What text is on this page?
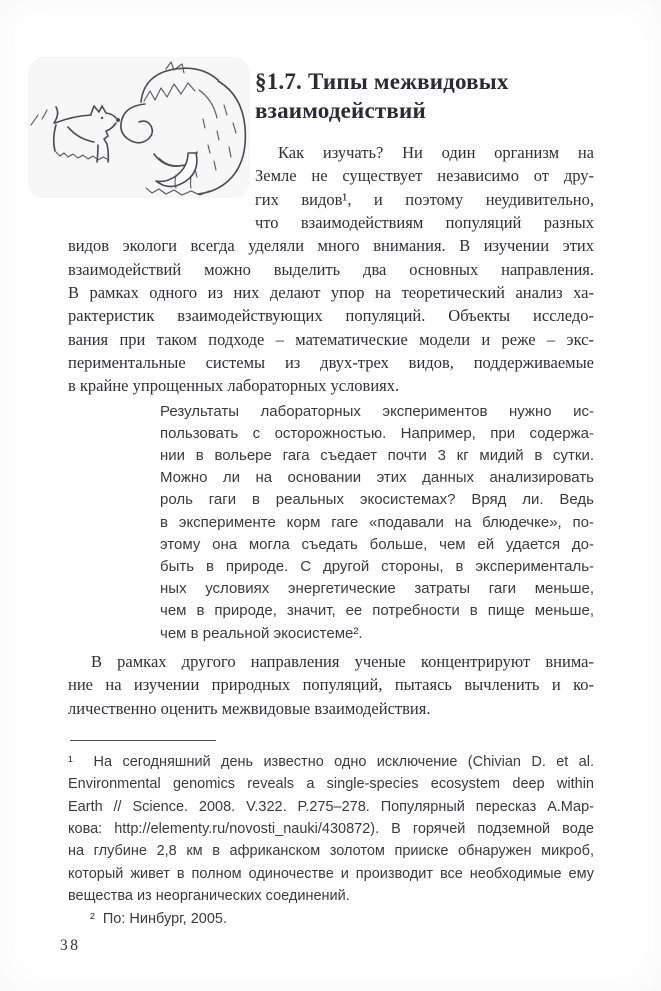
§1.7. Типы межвидовых
взаимодействий

Как изучать? Ни один организм на
Земле не существует независимо от дру-
гих видов¹, и поэтому неудивительно,
что взаимодействиям популяций разных
видов экологи всегда уделяли много внимания. В изучении этих
взаимодействий можно выделить два основных направления.
В рамках одного из них делают упор на теоретический анализ ха-
рактеристик взаимодействующих популяций. Объекты исследо-
вания при таком подходе – математические модели и реже – экс-
периментальные системы из двух-трех видов, поддерживаемые
в крайне упрощенных лабораторных условиях.

Результаты лабораторных экспериментов нужно ис-
пользовать с осторожностью. Например, при содержа-
нии в вольере гага съедает почти 3 кг мидий в сутки.
Можно ли на основании этих данных анализировать
роль гаги в реальных экосистемах? Вряд ли. Ведь
в эксперименте корм гаге «подавали на блюдечке», по-
этому она могла съедать больше, чем ей удается до-
быть в природе. С другой стороны, в эксперименталь-
ных условиях энергетические затраты гаги меньше,
чем в природе, значит, ее потребности в пище меньше,
чем в реальной экосистеме².

В рамках другого направления ученые концентрируют внима-
ние на изучении природных популяций, пытаясь вычленить и ко-
личественно оценить межвидовые взаимодействия.

¹  На сегодняшний день известно одно исключение (Chivian D. et al.
Environmental genomics reveals a single-species ecosystem deep within
Earth // Science. 2008. V.322. P.275–278. Популярный пересказ А.Мар-
кова: http://elementy.ru/novosti_nauki/430872). В горячей подземной воде
на глубине 2,8 км в африканском золотом прииске обнаружен микроб,
который живет в полном одиночестве и производит все необходимые ему
вещества из неорганических соединений.
²  По: Нинбург, 2005.
38
